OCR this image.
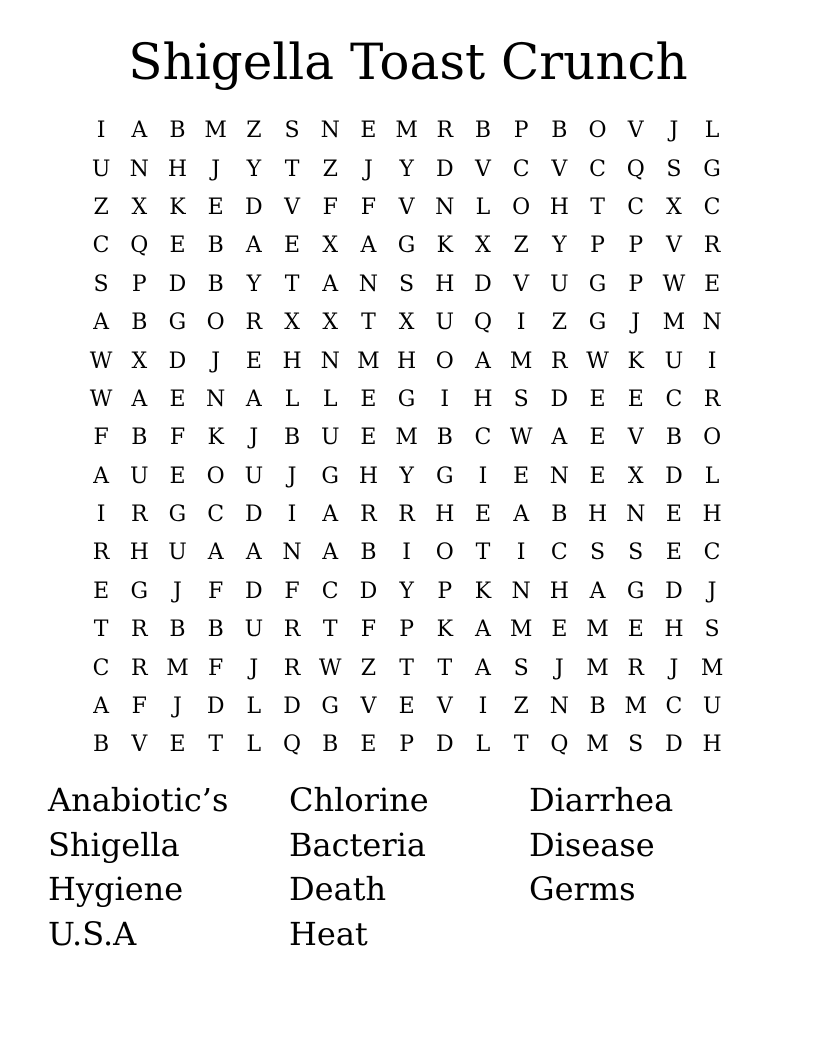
Shigella Toast Crunch
I	A	B M Z	S N E M R B	P	B O V	J	L
U N H	J	Y	T	Z	J	Y	D V C V C Q S G
Z	X	K E D V	F	F	V N L O H T	C X C
C Q E	B	A	E	X	A G K	X	Z	Y	P	P	V R
S	P D B	Y	T	A N S H D V U G	P W E
A	B G O R	X	X	T	X U Q	I	Z G	J	M N
W X D	J	E H N M H O A M R W K U	I
W A	E N A	L	L	E G	I	H S D E	E C R
F	B	F	K	J	B U E M B C W A	E	V	B O
A U E O U	J	G H Y	G	I	E N E	X D	L
I	R G C D	I	A R R H E	A	B H N E H
R H U A	A N A	B	I	O T	I	C	S	S	E C
E G	J	F D F	C D	Y	P	K N H A G D	J
T	R B	B U R	T	F	P	K	A M E M E H S
C R M F	J	R W Z	T	T	A	S	J	M R	J	M
A	F	J	D	L	D G V	E	V	I	Z N B M C U
B	V	E	T	L Q B	E	P D	L	T Q M S D H
Anabiotic’s
Shigella
Hygiene
U.S.A
Chlorine
Bacteria
Death
Heat
Diarrhea
Disease
Germs
